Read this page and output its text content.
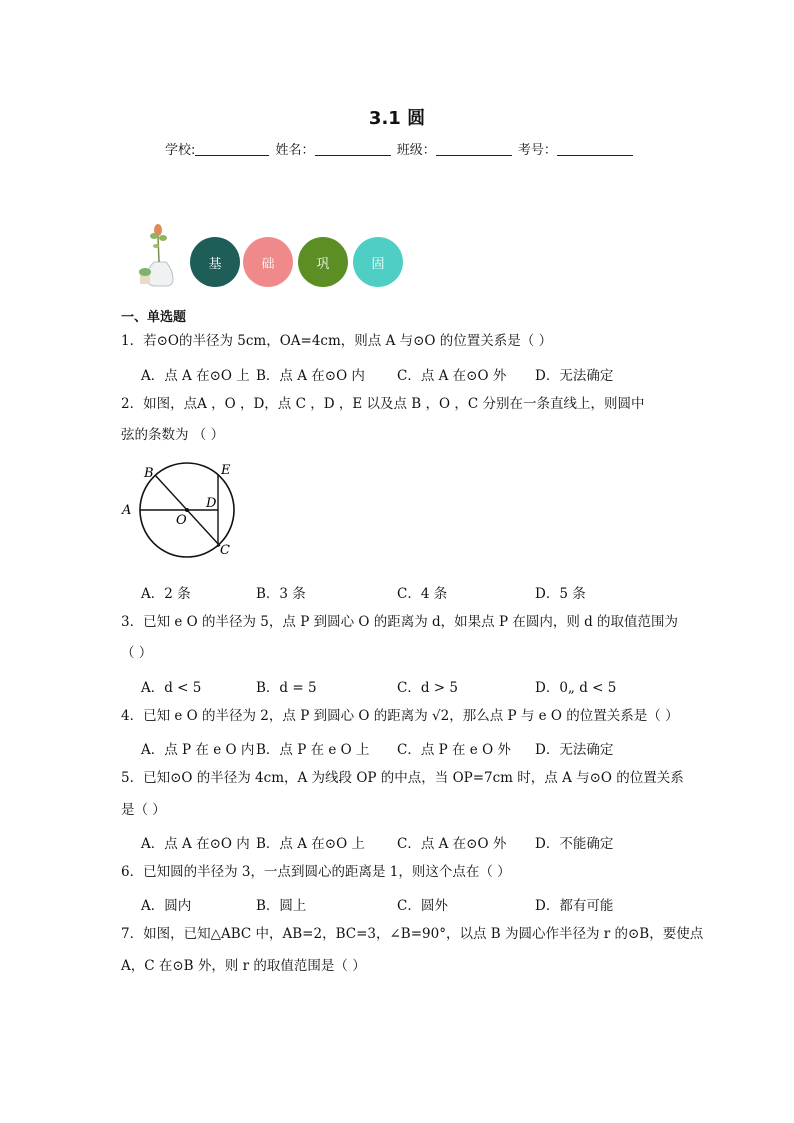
3.1 圆
学校:	姓名：	班级：	考号：
基	础	巩	固
一、单选题
1．若⊙O的半径为 5cm，OA=4cm，则点 A 与⊙O 的位置关系是（ ）
A．点 A 在⊙O 上 B．点 A 在⊙O 内 C．点 A 在⊙O 外 D．无法确定
2．如图，点A ，O ，D，点 C ，D ，E 以及点 B ，O ，C 分别在一条直线上，则圆中
弦的条数为 （ ）
A
B
C
D
E
O
A．2 条	B．3 条	C．4 条	D．5 条
3．已知 e O 的半径为 5，点 P 到圆心 O 的距离为 d，如果点 P 在圆内，则 d 的取值范围为
（ ）
A．d < 5	B．d = 5	C．d > 5	D．0„ d < 5
4．已知 e O 的半径为 2，点 P 到圆心 O 的距离为 √2，那么点 P 与 e O 的位置关系是（ ）
A．点 P 在 e O 内 B．点 P 在 e O 上 C．点 P 在 e O 外 D．无法确定
5．已知⊙O 的半径为 4cm，A 为线段 OP 的中点，当 OP=7cm 时，点 A 与⊙O 的位置关系
是（ ）
A．点 A 在⊙O 内 B．点 A 在⊙O 上 C．点 A 在⊙O 外 D．不能确定
6．已知圆的半径为 3，一点到圆心的距离是 1，则这个点在（ ）
A．圆内	B．圆上	C．圆外	D．都有可能
7．如图，已知△ABC 中，AB=2，BC=3，∠B=90°，以点 B 为圆心作半径为 r 的⊙B，要使点
A，C 在⊙B 外，则 r 的取值范围是（ ）
